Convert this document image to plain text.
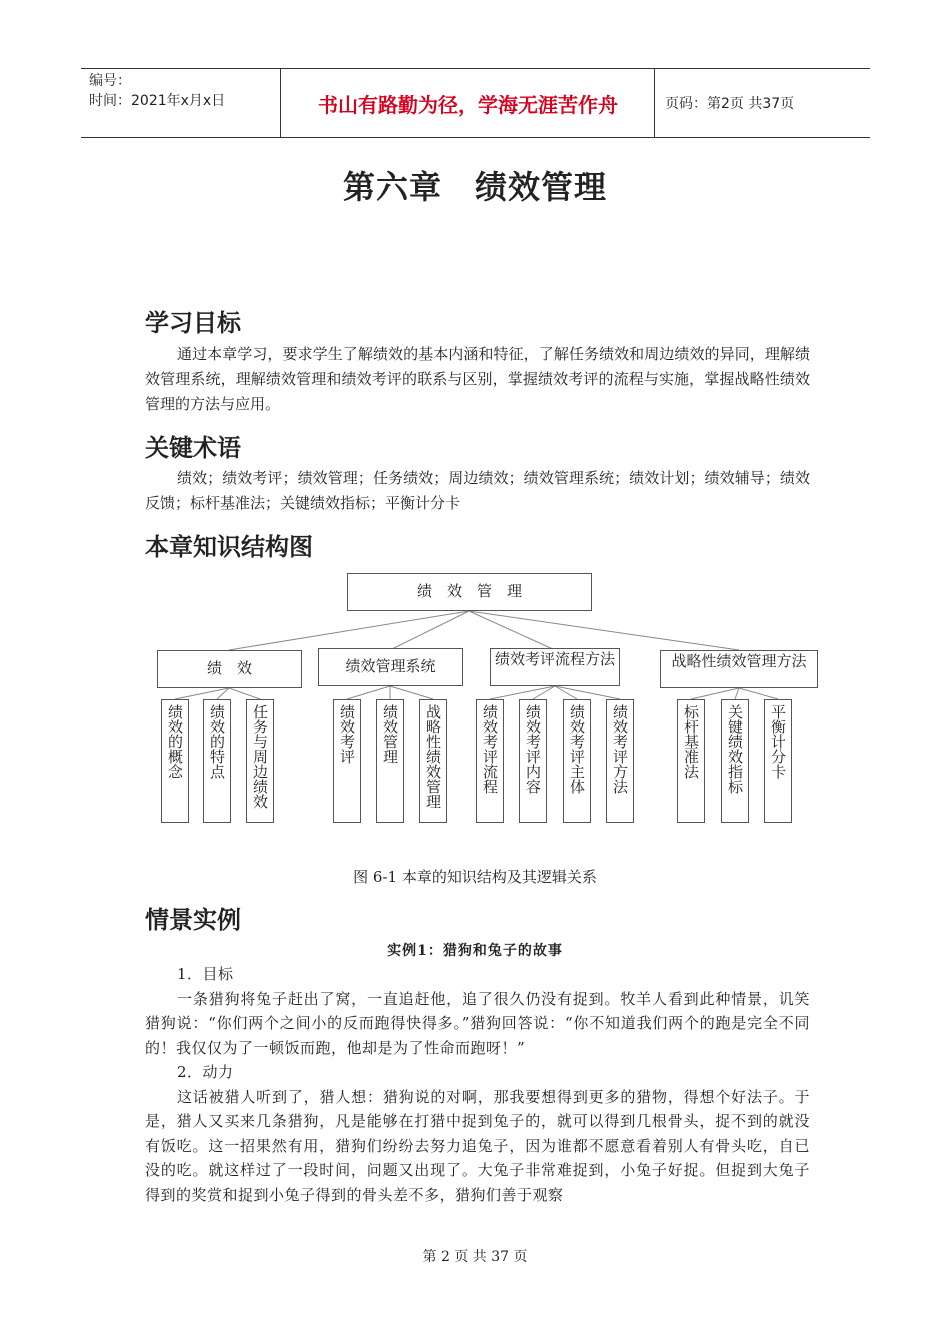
编号：
时间：2021年x月x日	书山有路勤为径，学海无涯苦作舟	页码：第2页 共37页
第六章　绩效管理
学习目标
通过本章学习，要求学生了解绩效的基本内涵和特征，了解任务绩效和周边绩效的异同，理解绩效管理系统，理解绩效管理和绩效考评的联系与区别，掌握绩效考评的流程与实施，掌握战略性绩效管理的方法与应用。
关键术语
绩效；绩效考评；绩效管理；任务绩效；周边绩效；绩效管理系统；绩效计划；绩效辅导；绩效反馈；标杆基准法；关键绩效指标；平衡计分卡
本章知识结构图
绩　效　管　理
绩　效	绩效管理系统	绩效考评流程方法	战略性绩效管理方法
绩效的概念	绩效的特点	任务与周边绩效	绩效考评	绩效管理	战略性绩效管理	绩效考评流程	绩效考评内容	绩效考评主体	绩效考评方法	标杆基准法	关键绩效指标	平衡计分卡
图 6-1 本章的知识结构及其逻辑关系
情景实例
实例1：猎狗和兔子的故事
1．目标
一条猎狗将兔子赶出了窝，一直追赶他，追了很久仍没有捉到。牧羊人看到此种情景，讥笑猎狗说：“你们两个之间小的反而跑得快得多。”猎狗回答说：“你不知道我们两个的跑是完全不同的！我仅仅为了一顿饭而跑，他却是为了性命而跑呀！”
2．动力
这话被猎人听到了，猎人想：猎狗说的对啊，那我要想得到更多的猎物，得想个好法子。于是，猎人又买来几条猎狗，凡是能够在打猎中捉到兔子的，就可以得到几根骨头，捉不到的就没有饭吃。这一招果然有用，猎狗们纷纷去努力追兔子，因为谁都不愿意看着别人有骨头吃，自已没的吃。就这样过了一段时间，问题又出现了。大兔子非常难捉到，小兔子好捉。但捉到大兔子得到的奖赏和捉到小兔子得到的骨头差不多，猎狗们善于观察
第 2 页 共 37 页
